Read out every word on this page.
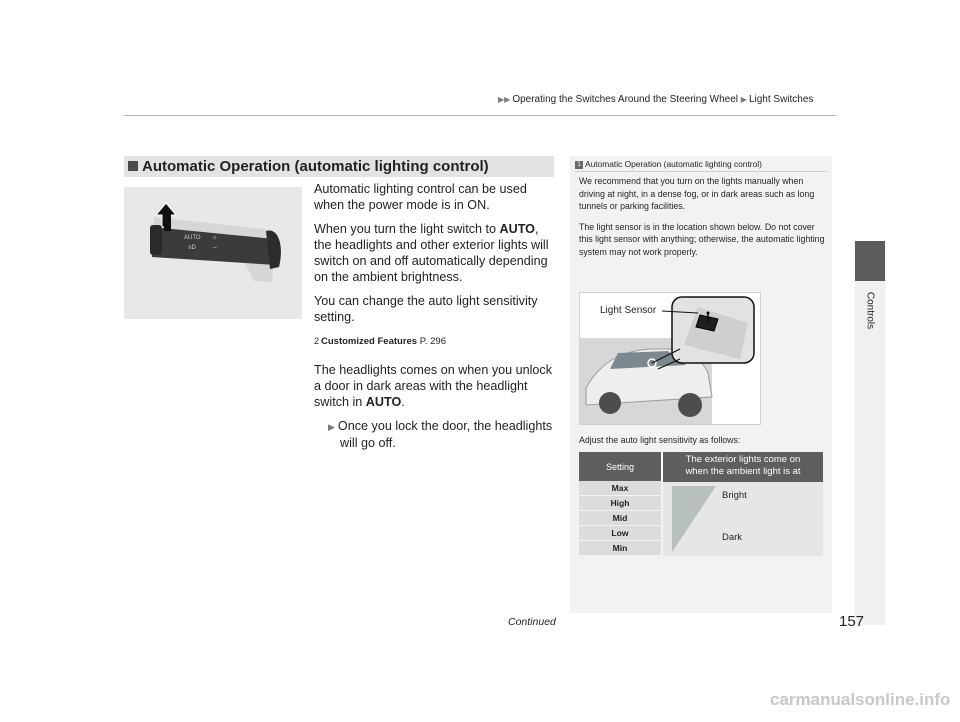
▶▶ Operating the Switches Around the Steering Wheel ▶ Light Switches
Controls
Automatic Operation (automatic lighting control)
AUTO ☼
≡D	⇔

Automatic lighting control can be used when the power mode is in ON.

When you turn the light switch to AUTO, the headlights and other exterior lights will switch on and off automatically depending on the ambient brightness.

You can change the auto light sensitivity setting.

2 Customized Features P. 296

The headlights comes on when you unlock a door in dark areas with the headlight switch in AUTO.

▶ Once you lock the door, the headlights will go off.

1 Automatic Operation (automatic lighting control)

We recommend that you turn on the lights manually when driving at night, in a dense fog, or in dark areas such as long tunnels or parking facilities.

The light sensor is in the location shown below. Do not cover this light sensor with anything; otherwise, the automatic lighting system may not work properly.

Light Sensor
Adjust the auto light sensitivity as follows:
Setting
The exterior lights come on
when the ambient light is at
Max
High
Mid
Low
Min
Bright
Dark
Continued	157
carmanualsonline.info
